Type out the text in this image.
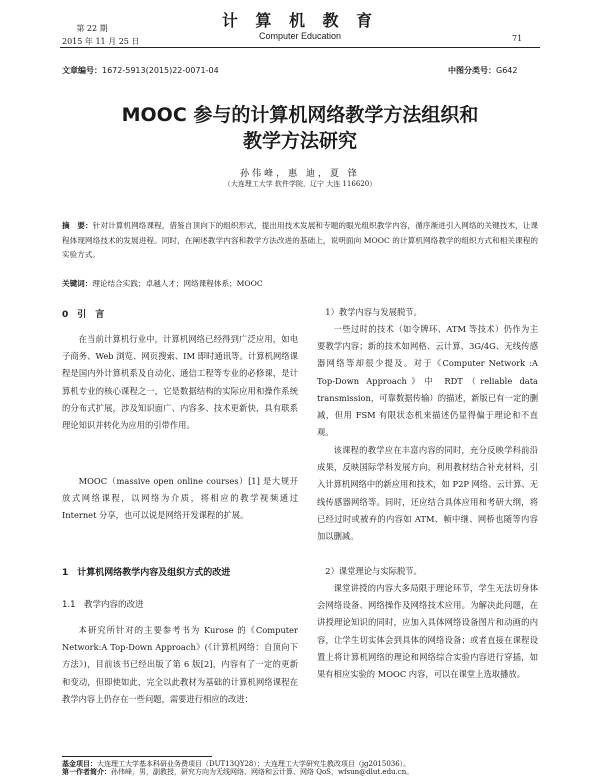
第 22 期
2015 年 11 月 25 日
计 算 机 教 育
Computer Education	71
文章编号：1672-5913(2015)22-0071-04	中图分类号：G642
MOOC 参与的计算机网络教学方法组织和
教学方法研究
孙伟峰，惠 迪，夏 锋
（大连理工大学 软件学院，辽宁 大连 116620）
摘　要：针对计算机网络课程，借鉴自顶向下的组织形式，提出用技术发展和专题的眼光组织教学内容，循序渐进引入网络的关键技术，让课程体现网络技术的发展进程。同时，在阐述教学内容和教学方法改进的基础上，说明面向 MOOC 的计算机网络教学的组织方式和相关课程的实验方式。
关键词：理论结合实践；卓越人才；网络课程体系；MOOC
0　引　言
在当前计算机行业中，计算机网络已经得到广泛应用，如电子商务、Web 浏览、网页搜索、IM 即时通讯等。计算机网络课程是国内外计算机系及自动化、通信工程等专业的必修课，是计算机专业的核心课程之一，它是数据结构的实际应用和操作系统的分布式扩展，涉及知识面广、内容多、技术更新快，具有联系理论知识并转化为应用的引带作用。
MOOC（massive open online courses）[1] 是大规开放式网络课程，以网络为介质，将相应的教学视频通过 Internet 分享，也可以说是网络开发课程的扩展。
1　计算机网络教学内容及组织方式的改进
1.1　教学内容的改进
本研究所针对的主要参考书为 Kurose 的《Computer Network:A Top-Down Approach》(《计算机网络：自顶向下方法》)，目前该书已经出版了第 6 版[2]，内容有了一定的更新和变动，但即使如此，完全以此教材为基础的计算机网络课程在教学内容上仍存在一些问题，需要进行相应的改进：
1）教学内容与发展脱节。
一些过时的技术（如令牌环、ATM 等技术）仍作为主要教学内容；新的技术如网格、云计算、3G/4G、无线传感器网络等却很少提及。对于《Computer Network :A Top-Down Approach》中 RDT（reliable data transmission，可靠数据传输）的描述，新版已有一定的删减，但用 FSM 有限状态机来描述仍显得偏于理论和不直观。
该课程的教学应在丰富内容的同时，充分反映学科前沿成果，反映国际学科发展方向，利用教材结合补充材料，引入计算机网络中的新应用和技术，如 P2P 网络、云计算、无线传感器网络等。同时，还应结合具体应用和考研大纲，将已经过时或被弃的内容如 ATM、帧中继、网桥也随等内容加以删减。
2）课堂理论与实际脱节。
课堂讲授的内容大多局限于理论环节，学生无法切身体会网络设备、网络操作及网络技术应用。为解决此问题，在讲授理论知识的同时，应加入具体网络设备图片和动画的内容，让学生切实体会到具体的网络设备；或者直接在课程设置上将计算机网络的理论和网络综合实验内容进行穿插，如果有相应实验的 MOOC 内容，可以在课堂上选取播放。
基金项目：大连理工大学基本科研业务费项目（DUT13QY28）；大连理工大学研究生教改项目（jg2015036）。
第一作者简介：孙伟峰，男，副教授，研究方向为无线网络、网络和云计算、网络 QoS，wfsun@dlut.edu.cn。
